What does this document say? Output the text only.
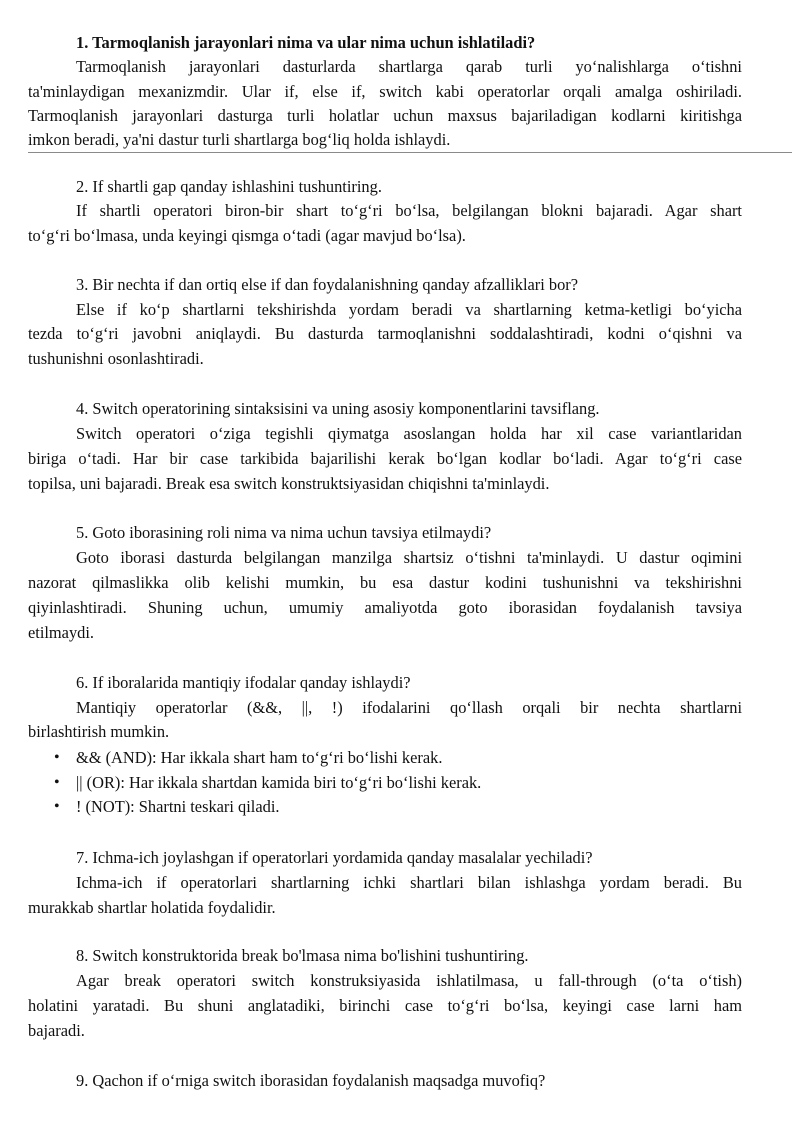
1. Tarmoqlanish jarayonlari nima va ular nima uchun ishlatiladi?

Tarmoqlanish jarayonlari dasturlarda shartlarga qarab turli yo‘nalishlarga o‘tishni

ta'minlaydigan mexanizmdir. Ular if, else if, switch kabi operatorlar orqali amalga oshiriladi.

Tarmoqlanish jarayonlari dasturga turli holatlar uchun maxsus bajariladigan kodlarni kiritishga

imkon beradi, ya'ni dastur turli shartlarga bog‘liq holda ishlaydi.

2. If shartli gap qanday ishlashini tushuntiring.

If shartli operatori biron-bir shart to‘g‘ri bo‘lsa, belgilangan blokni bajaradi. Agar shart

to‘g‘ri bo‘lmasa, unda keyingi qismga o‘tadi (agar mavjud bo‘lsa).

3. Bir nechta if dan ortiq else if dan foydalanishning qanday afzalliklari bor?

Else if ko‘p shartlarni tekshirishda yordam beradi va shartlarning ketma-ketligi bo‘yicha

tezda to‘g‘ri javobni aniqlaydi. Bu dasturda tarmoqlanishni soddalashtiradi, kodni o‘qishni va

tushunishni osonlashtiradi.

4. Switch operatorining sintaksisini va uning asosiy komponentlarini tavsiflang.

Switch operatori o‘ziga tegishli qiymatga asoslangan holda har xil case variantlaridan

biriga o‘tadi. Har bir case tarkibida bajarilishi kerak bo‘lgan kodlar bo‘ladi. Agar to‘g‘ri case

topilsa, uni bajaradi. Break esa switch konstruktsiyasidan chiqishni ta'minlaydi.

5. Goto iborasining roli nima va nima uchun tavsiya etilmaydi?

Goto iborasi dasturda belgilangan manzilga shartsiz o‘tishni ta'minlaydi. U dastur oqimini

nazorat qilmaslikka olib kelishi mumkin, bu esa dastur kodini tushunishni va tekshirishni

qiyinlashtiradi. Shuning uchun, umumiy amaliyotda goto iborasidan foydalanish tavsiya

etilmaydi.

6. If iboralarida mantiqiy ifodalar qanday ishlaydi?

Mantiqiy operatorlar (&&, ||, !) ifodalarini qo‘llash orqali bir nechta shartlarni

birlashtirish mumkin.

• && (AND): Har ikkala shart ham to‘g‘ri bo‘lishi kerak.

• || (OR): Har ikkala shartdan kamida biri to‘g‘ri bo‘lishi kerak.

• ! (NOT): Shartni teskari qiladi.

7. Ichma-ich joylashgan if operatorlari yordamida qanday masalalar yechiladi?

Ichma-ich if operatorlari shartlarning ichki shartlari bilan ishlashga yordam beradi. Bu

murakkab shartlar holatida foydalidir.

8. Switch konstruktorida break bo'lmasa nima bo'lishini tushuntiring.

Agar break operatori switch konstruksiyasida ishlatilmasa, u fall-through (o‘ta o‘tish)

holatini yaratadi. Bu shuni anglatadiki, birinchi case to‘g‘ri bo‘lsa, keyingi case larni ham

bajaradi.

9. Qachon if o‘rniga switch iborasidan foydalanish maqsadga muvofiq?
